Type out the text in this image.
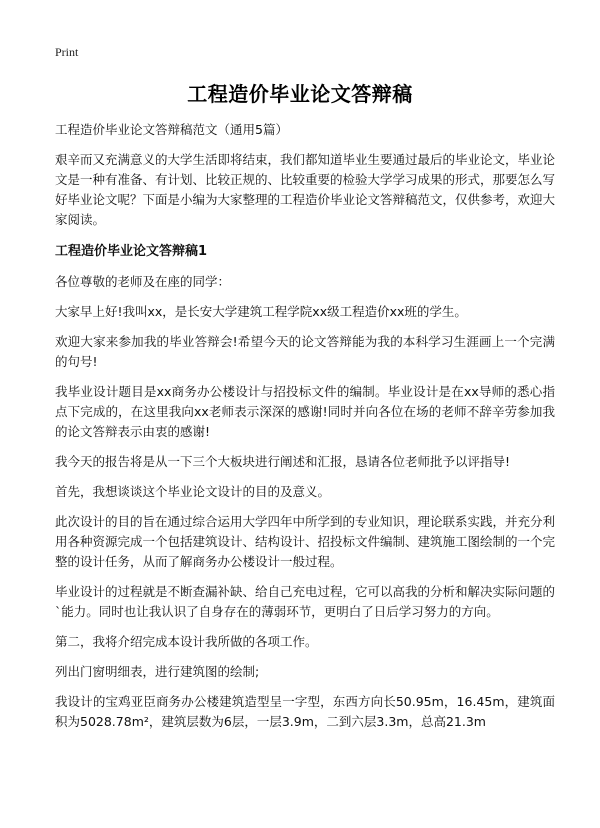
Print
工程造价毕业论文答辩稿

工程造价毕业论文答辩稿范文（通用5篇）

艰辛而又充满意义的大学生活即将结束，我们都知道毕业生要通过最后的毕业论文，毕业论文是一种有准备、有计划、比较正规的、比较重要的检验大学学习成果的形式，那要怎么写好毕业论文呢？下面是小编为大家整理的工程造价毕业论文答辩稿范文，仅供参考，欢迎大家阅读。

工程造价毕业论文答辩稿1

各位尊敬的老师及在座的同学：

大家早上好!我叫xx，是长安大学建筑工程学院xx级工程造价xx班的学生。

欢迎大家来参加我的毕业答辩会!希望今天的论文答辩能为我的本科学习生涯画上一个完满的句号!

我毕业设计题目是xx商务办公楼设计与招投标文件的编制。毕业设计是在xx导师的悉心指点下完成的，在这里我向xx老师表示深深的感谢!同时并向各位在场的老师不辞辛劳参加我的论文答辩表示由衷的感谢!

我今天的报告将是从一下三个大板块进行阐述和汇报，恳请各位老师批予以评指导!

首先，我想谈谈这个毕业论文设计的目的及意义。

此次设计的目的旨在通过综合运用大学四年中所学到的专业知识，理论联系实践，并充分利用各种资源完成一个包括建筑设计、结构设计、招投标文件编制、建筑施工图绘制的一个完整的设计任务，从而了解商务办公楼设计一般过程。

毕业设计的过程就是不断查漏补缺、给自己充电过程，它可以高我的分析和解决实际问题的`能力。同时也让我认识了自身存在的薄弱环节，更明白了日后学习努力的方向。

第二，我将介绍完成本设计我所做的各项工作。

列出门窗明细表，进行建筑图的绘制;

我设计的宝鸡亚臣商务办公楼建筑造型呈一字型，东西方向长50.95m，16.45m，建筑面积为5028.78m²，建筑层数为6层，一层3.9m，二到六层3.3m，总高21.3m
